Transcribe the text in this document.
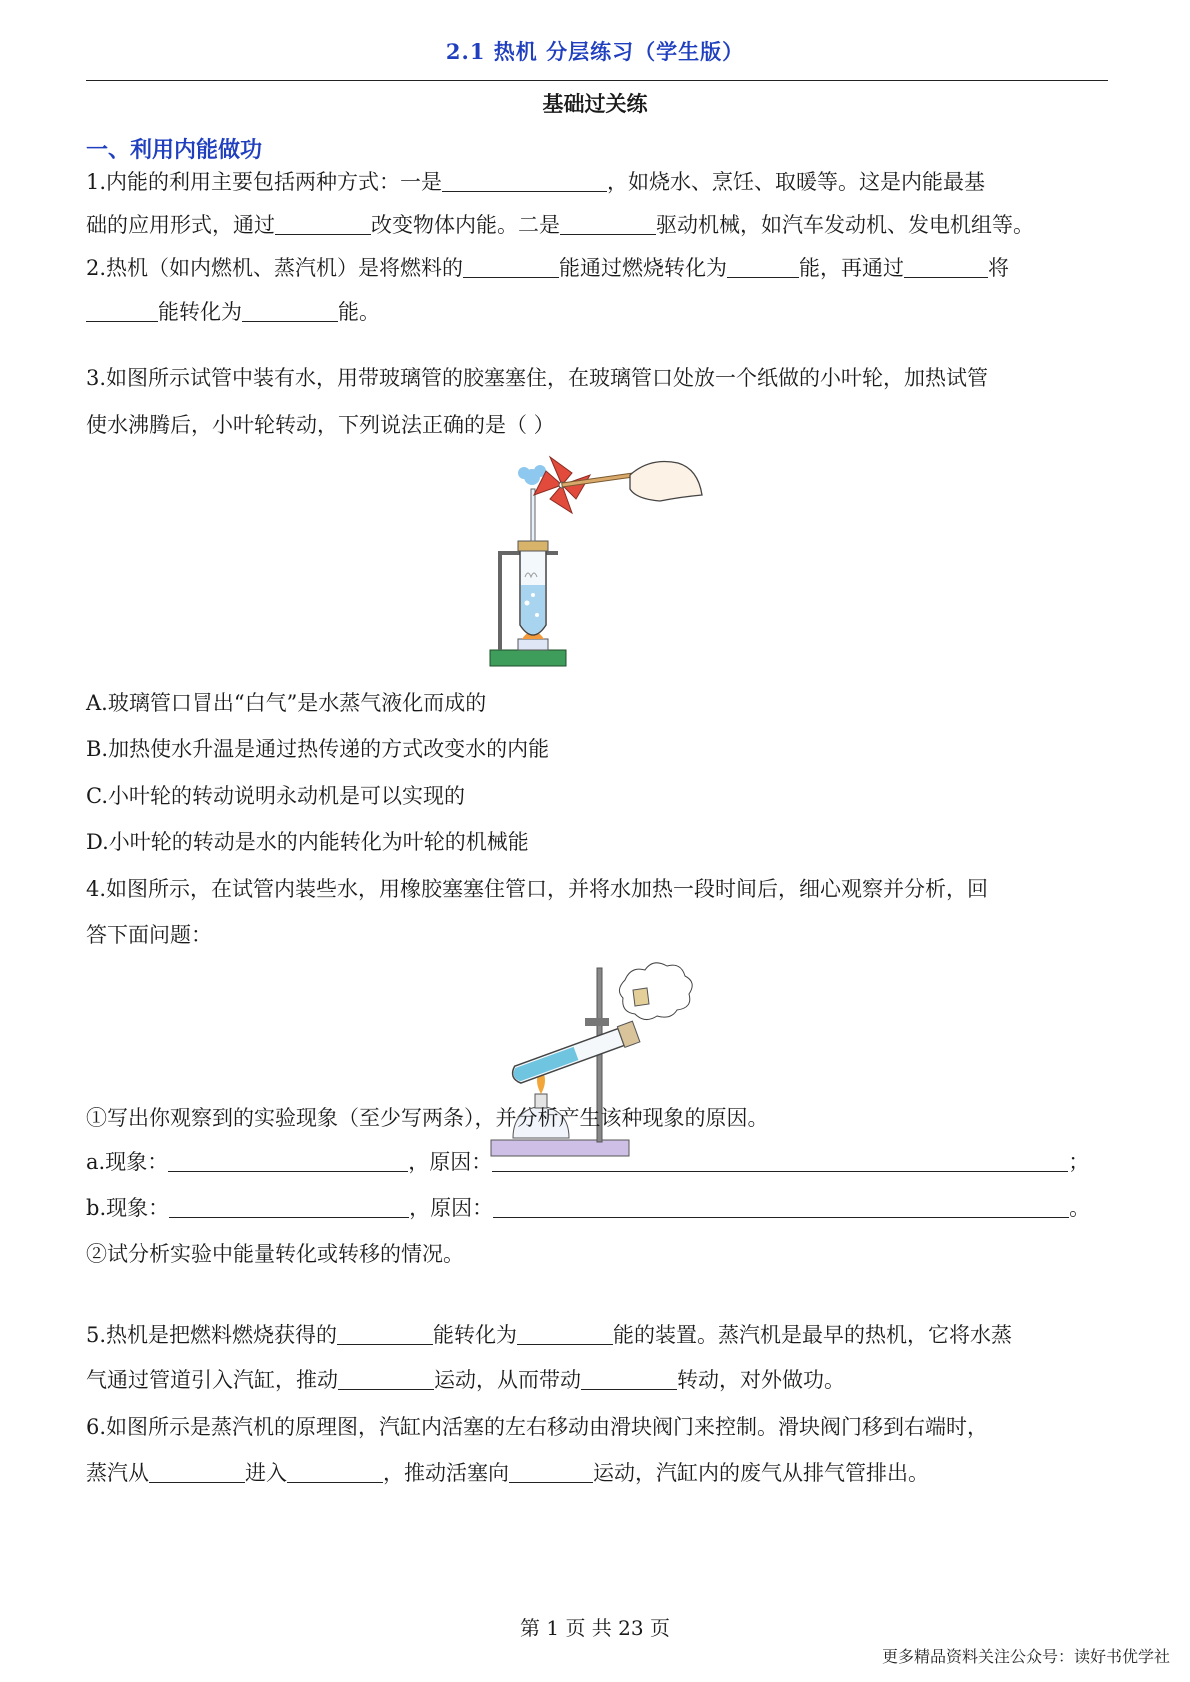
2.1 热机 分层练习（学生版）
基础过关练
一、利用内能做功
1.内能的利用主要包括两种方式：一是	，如烧水、烹饪、取暖等。这是内能最基
础的应用形式，通过	改变物体内能。二是	驱动机械，如汽车发动机、发电机组等。
2.热机（如内燃机、蒸汽机）是将燃料的	能通过燃烧转化为	能，再通过	将
能转化为	能。
3.如图所示试管中装有水，用带玻璃管的胶塞塞住，在玻璃管口处放一个纸做的小叶轮，加热试管
使水沸腾后，小叶轮转动，下列说法正确的是（ ）
A.玻璃管口冒出“白气”是水蒸气液化而成的
B.加热使水升温是通过热传递的方式改变水的内能
C.小叶轮的转动说明永动机是可以实现的
D.小叶轮的转动是水的内能转化为叶轮的机械能
4.如图所示，在试管内装些水，用橡胶塞塞住管口，并将水加热一段时间后，细心观察并分析，回
答下面问题：
①写出你观察到的实验现象（至少写两条），并分析产生该种现象的原因。
a.现象：	，原因：	；
b.现象：	，原因：	。
②试分析实验中能量转化或转移的情况。
5.热机是把燃料燃烧获得的	能转化为	能的装置。蒸汽机是最早的热机，它将水蒸
气通过管道引入汽缸，推动	运动，从而带动	转动，对外做功。
6.如图所示是蒸汽机的原理图，汽缸内活塞的左右移动由滑块阀门来控制。滑块阀门移到右端时，
蒸汽从	进入	，推动活塞向	运动，汽缸内的废气从排气管排出。
第 1 页 共 23 页
更多精品资料关注公众号：读好书优学社
